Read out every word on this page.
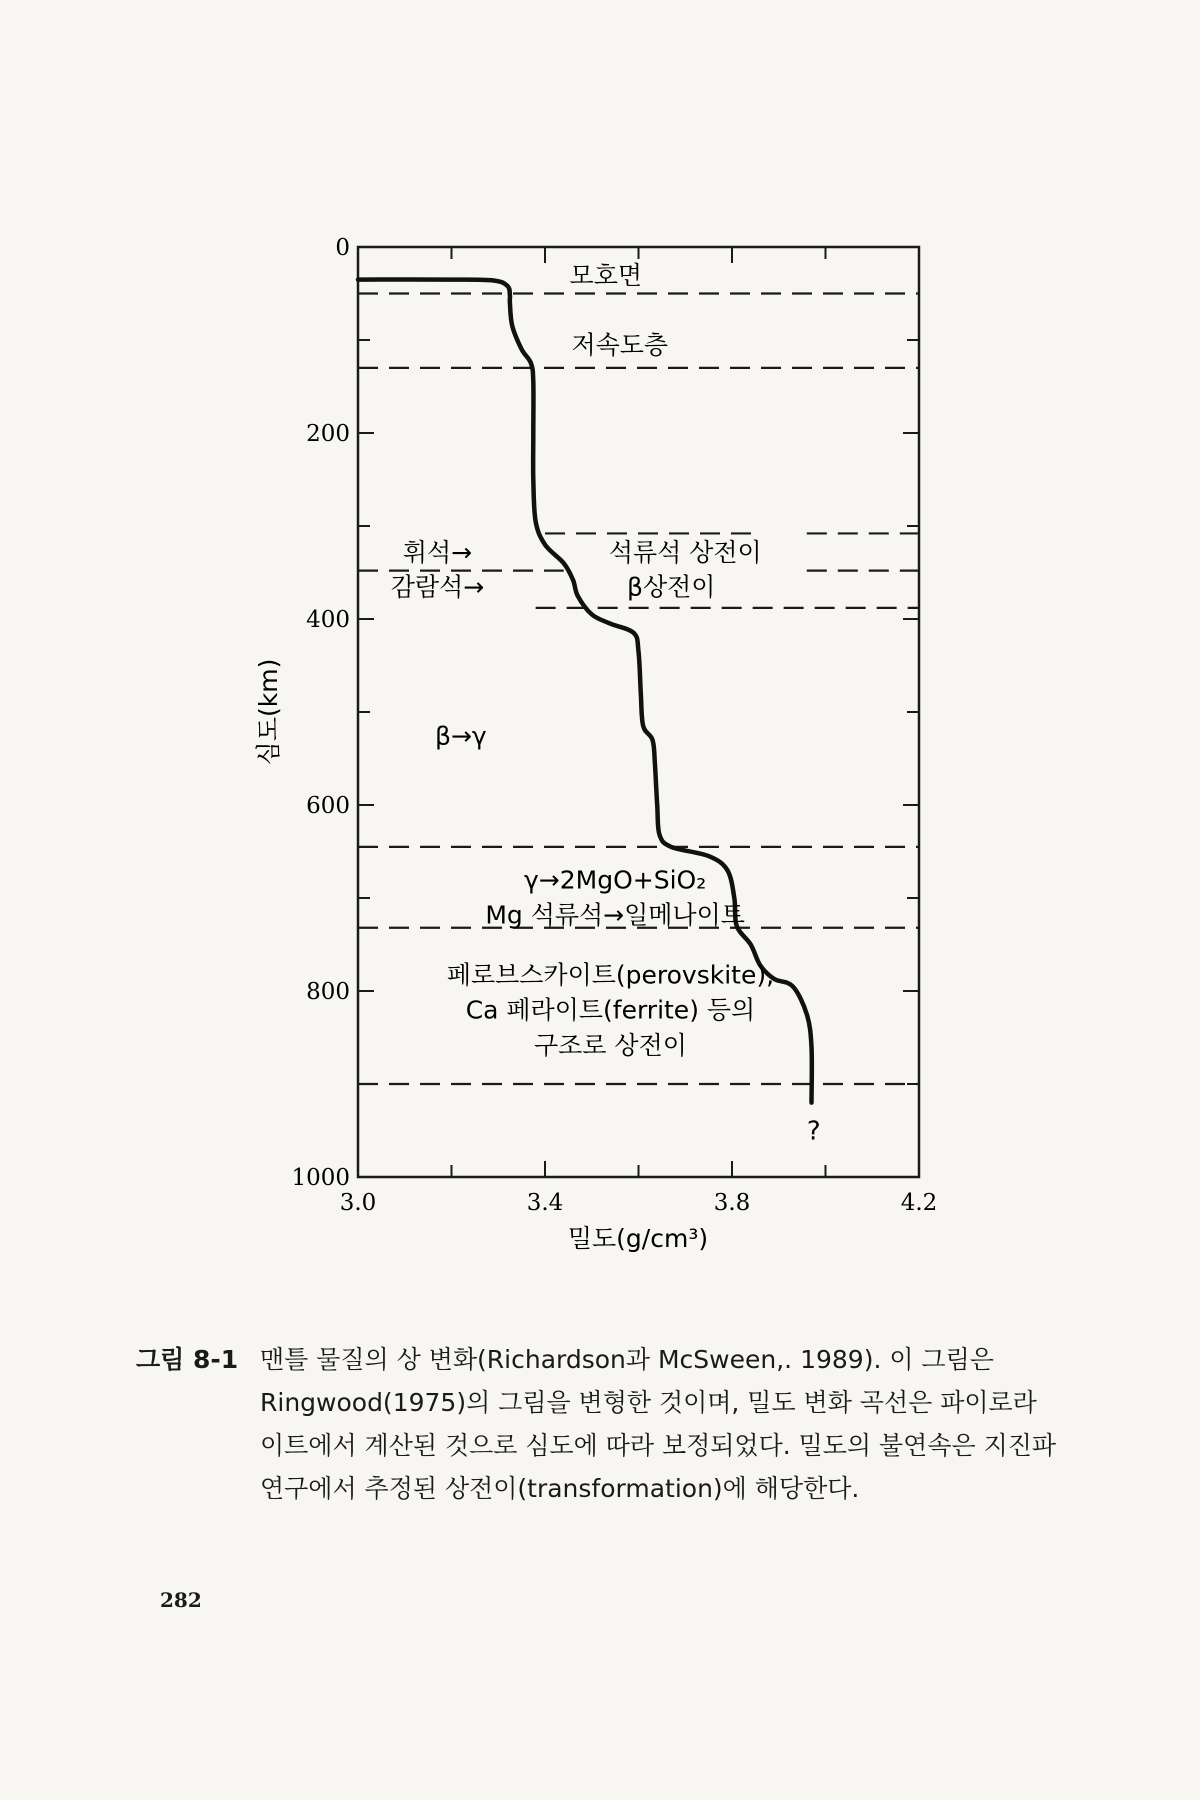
3.0	3.4	3.8	4.2
0
200
400
600
800
1000
모호면
저속도층
휘석→
감람석→
석류석 상전이
β상전이
β→γ
γ→2MgO+SiO₂
Mg 석류석→일메나이트
페로브스카이트(perovskite),
Ca 페라이트(ferrite) 등의
구조로 상전이
?
밀도(g/cm³)
심도(km)
그림 8-1 맨틀 물질의 상 변화(Richardson과 McSween,. 1989). 이 그림은 Ringwood(1975)의 그림을 변형한 것이며, 밀도 변화 곡선은 파이로라이트에서 계산된 것으로 심도에 따라 보정되었다. 밀도의 불연속은 지진파 연구에서 추정된 상전이(transformation)에 해당한다.
282
